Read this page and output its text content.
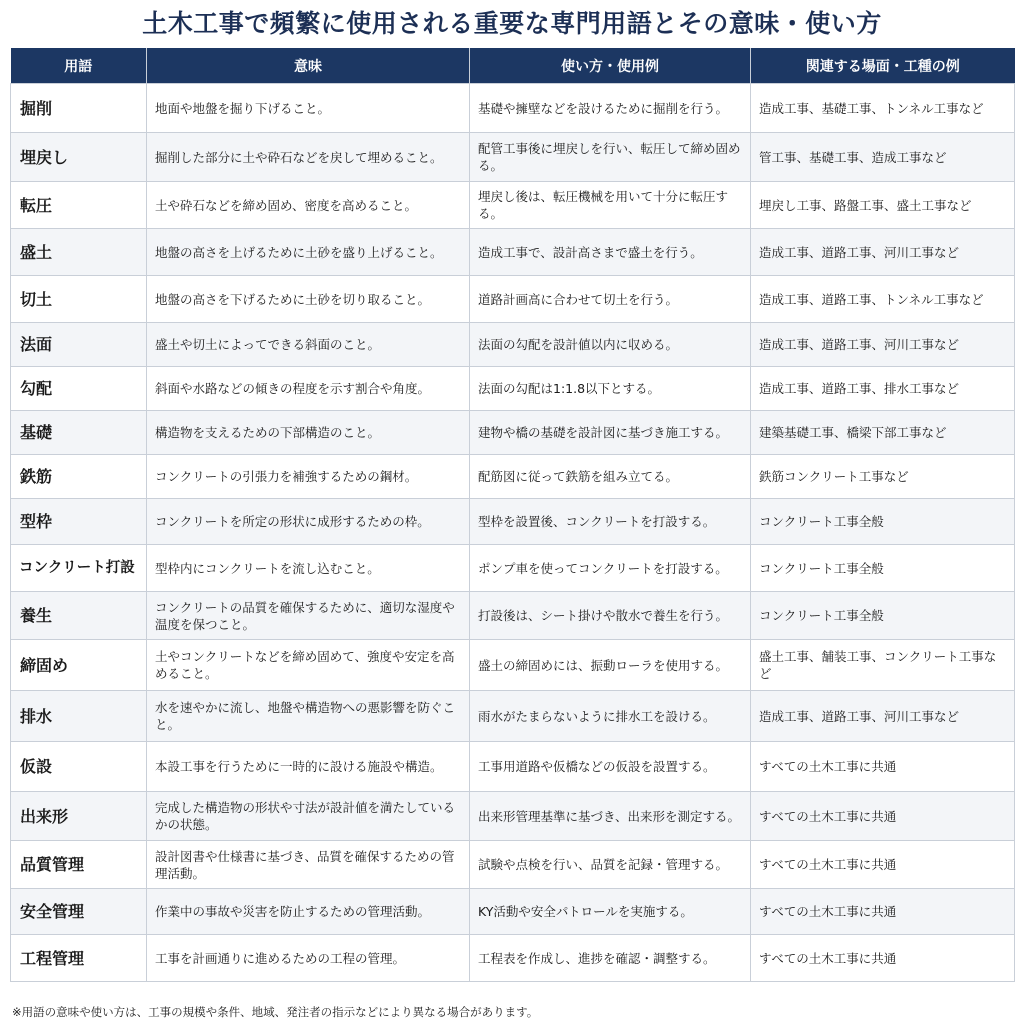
土木工事で頻繁に使用される重要な専門用語とその意味・使い方
用語	意味	使い方・使用例	関連する場面・工種の例
掘削	地面や地盤を掘り下げること。	基礎や擁壁などを設けるために掘削を行う。	造成工事、基礎工事、トンネル工事など
埋戻し	掘削した部分に土や砕石などを戻して埋めること。	配管工事後に埋戻しを行い、転圧して締め固める。	管工事、基礎工事、造成工事など
転圧	土や砕石などを締め固め、密度を高めること。	埋戻し後は、転圧機械を用いて十分に転圧する。	埋戻し工事、路盤工事、盛土工事など
盛土	地盤の高さを上げるために土砂を盛り上げること。	造成工事で、設計高さまで盛土を行う。	造成工事、道路工事、河川工事など
切土	地盤の高さを下げるために土砂を切り取ること。	道路計画高に合わせて切土を行う。	造成工事、道路工事、トンネル工事など
法面	盛土や切土によってできる斜面のこと。	法面の勾配を設計値以内に収める。	造成工事、道路工事、河川工事など
勾配	斜面や水路などの傾きの程度を示す割合や角度。	法面の勾配は1:1.8以下とする。	造成工事、道路工事、排水工事など
基礎	構造物を支えるための下部構造のこと。	建物や橋の基礎を設計図に基づき施工する。	建築基礎工事、橋梁下部工事など
鉄筋	コンクリートの引張力を補強するための鋼材。	配筋図に従って鉄筋を組み立てる。	鉄筋コンクリート工事など
型枠	コンクリートを所定の形状に成形するための枠。	型枠を設置後、コンクリートを打設する。	コンクリート工事全般
コンクリート打設	型枠内にコンクリートを流し込むこと。	ポンプ車を使ってコンクリートを打設する。	コンクリート工事全般
養生	コンクリートの品質を確保するために、適切な湿度や温度を保つこと。	打設後は、シート掛けや散水で養生を行う。	コンクリート工事全般
締固め	土やコンクリートなどを締め固めて、強度や安定を高めること。	盛土の締固めには、振動ローラを使用する。	盛土工事、舗装工事、コンクリート工事など
排水	水を速やかに流し、地盤や構造物への悪影響を防ぐこと。	雨水がたまらないように排水工を設ける。	造成工事、道路工事、河川工事など
仮設	本設工事を行うために一時的に設ける施設や構造。	工事用道路や仮橋などの仮設を設置する。	すべての土木工事に共通
出来形	完成した構造物の形状や寸法が設計値を満たしているかの状態。	出来形管理基準に基づき、出来形を測定する。	すべての土木工事に共通
品質管理	設計図書や仕様書に基づき、品質を確保するための管理活動。	試験や点検を行い、品質を記録・管理する。	すべての土木工事に共通
安全管理	作業中の事故や災害を防止するための管理活動。	KY活動や安全パトロールを実施する。	すべての土木工事に共通
工程管理	工事を計画通りに進めるための工程の管理。	工程表を作成し、進捗を確認・調整する。	すべての土木工事に共通
※用語の意味や使い方は、工事の規模や条件、地域、発注者の指示などにより異なる場合があります。
